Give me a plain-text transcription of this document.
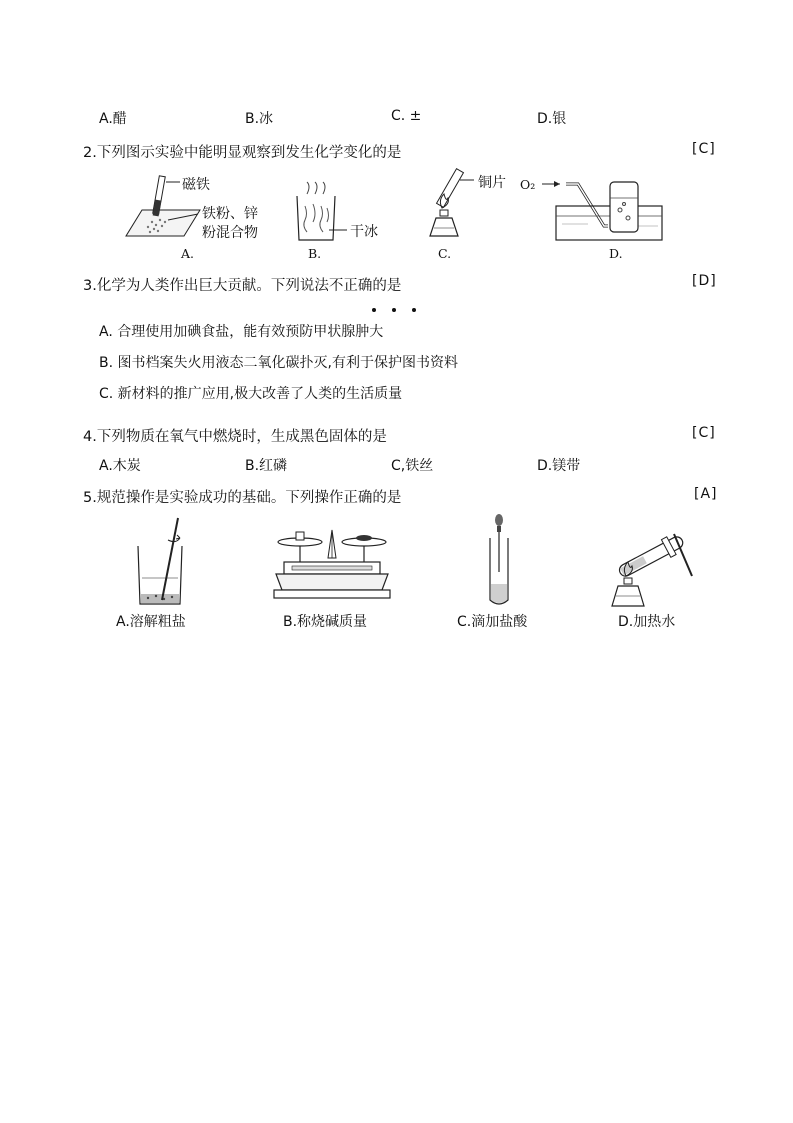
A.醋	B.冰	C. ±	D.银
2.下列图示实验中能明显观察到发生化学变化的是	[C]
磁铁
铁粉、锌
粉混合物
A.
干冰
B.
铜片
C.
O₂
D.
3.化学为人类作出巨大贡献。下列说法不正确的是	[D]
A. 合理使用加碘食盐，能有效预防甲状腺肿大
B. 图书档案失火用液态二氧化碳扑灭,有利于保护图书资料
C. 新材料的推广应用,极大改善了人类的生活质量
4.下列物质在氧气中燃烧时，生成黑色固体的是	[C]
A.木炭	B.红磷	C,铁丝	D.镁带
5.规范操作是实验成功的基础。下列操作正确的是	[A]
A.溶解粗盐	B.称烧碱质量	C.滴加盐酸	D.加热水
